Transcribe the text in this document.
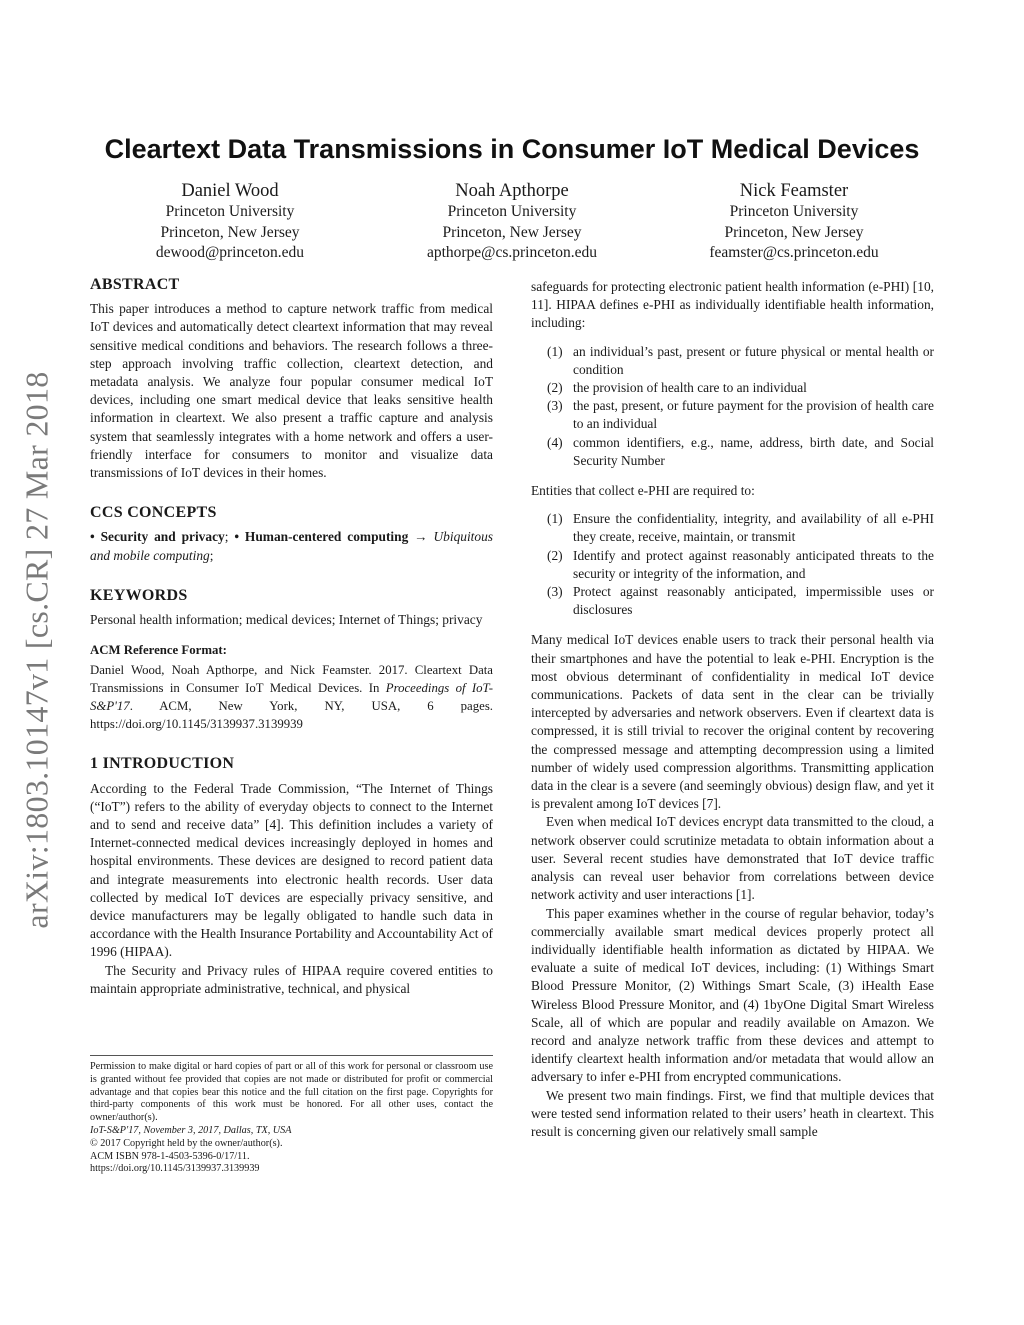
arXiv:1803.10147v1 [cs.CR] 27 Mar 2018
Cleartext Data Transmissions in Consumer IoT Medical Devices
Daniel Wood
Princeton University
Princeton, New Jersey
dewood@princeton.edu
Noah Apthorpe
Princeton University
Princeton, New Jersey
apthorpe@cs.princeton.edu
Nick Feamster
Princeton University
Princeton, New Jersey
feamster@cs.princeton.edu
ABSTRACT

This paper introduces a method to capture network traffic from medical IoT devices and automatically detect cleartext information that may reveal sensitive medical conditions and behaviors. The research follows a three-step approach involving traffic collection, cleartext detection, and metadata analysis. We analyze four popular consumer medical IoT devices, including one smart medical device that leaks sensitive health information in cleartext. We also present a traffic capture and analysis system that seamlessly integrates with a home network and offers a user-friendly interface for consumers to monitor and visualize data transmissions of IoT devices in their homes.

CCS CONCEPTS

• Security and privacy; • Human-centered computing → Ubiquitous and mobile computing;

KEYWORDS

Personal health information; medical devices; Internet of Things; privacy

ACM Reference Format:
Daniel Wood, Noah Apthorpe, and Nick Feamster. 2017. Cleartext Data Transmissions in Consumer IoT Medical Devices. In Proceedings of IoT-S&P'17. ACM, New York, NY, USA, 6 pages. https://doi.org/10.1145/3139937.3139939
1 INTRODUCTION

According to the Federal Trade Commission, “The Internet of Things (“IoT”) refers to the ability of everyday objects to connect to the Internet and to send and receive data” [4]. This definition includes a variety of Internet-connected medical devices increasingly deployed in homes and hospital environments. These devices are designed to record patient data and integrate measurements into electronic health records. User data collected by medical IoT devices are especially privacy sensitive, and device manufacturers may be legally obligated to handle such data in accordance with the Health Insurance Portability and Accountability Act of 1996 (HIPAA).

The Security and Privacy rules of HIPAA require covered entities to maintain appropriate administrative, technical, and physical

Permission to make digital or hard copies of part or all of this work for personal or classroom use is granted without fee provided that copies are not made or distributed for profit or commercial advantage and that copies bear this notice and the full citation on the first page. Copyrights for third-party components of this work must be honored. For all other uses, contact the owner/author(s).

IoT-S&P'17, November 3, 2017, Dallas, TX, USA

© 2017 Copyright held by the owner/author(s).

ACM ISBN 978-1-4503-5396-0/17/11.

https://doi.org/10.1145/3139937.3139939

safeguards for protecting electronic patient health information (e-PHI) [10, 11]. HIPAA defines e-PHI as individually identifiable health information, including:

(1) an individual’s past, present or future physical or mental health or condition
(2) the provision of health care to an individual
(3) the past, present, or future payment for the provision of health care to an individual
(4) common identifiers, e.g., name, address, birth date, and Social Security Number

Entities that collect e-PHI are required to:

(1) Ensure the confidentiality, integrity, and availability of all e-PHI they create, receive, maintain, or transmit
(2) Identify and protect against reasonably anticipated threats to the security or integrity of the information, and
(3) Protect against reasonably anticipated, impermissible uses or disclosures

Many medical IoT devices enable users to track their personal health via their smartphones and have the potential to leak e-PHI. Encryption is the most obvious determinant of confidentiality in medical IoT device communications. Packets of data sent in the clear can be trivially intercepted by adversaries and network observers. Even if cleartext data is compressed, it is still trivial to recover the original content by recovering the compressed message and attempting decompression using a limited number of widely used compression algorithms. Transmitting application data in the clear is a severe (and seemingly obvious) design flaw, and yet it is prevalent among IoT devices [7].

Even when medical IoT devices encrypt data transmitted to the cloud, a network observer could scrutinize metadata to obtain information about a user. Several recent studies have demonstrated that IoT device traffic analysis can reveal user behavior from correlations between device network activity and user interactions [1].

This paper examines whether in the course of regular behavior, today’s commercially available smart medical devices properly protect all individually identifiable health information as dictated by HIPAA. We evaluate a suite of medical IoT devices, including: (1) Withings Smart Blood Pressure Monitor, (2) Withings Smart Scale, (3) iHealth Ease Wireless Blood Pressure Monitor, and (4) 1byOne Digital Smart Wireless Scale, all of which are popular and readily available on Amazon. We record and analyze network traffic from these devices and attempt to identify cleartext health information and/or metadata that would allow an adversary to infer e-PHI from encrypted communications.

We present two main findings. First, we find that multiple devices that were tested send information related to their users’ heath in cleartext. This result is concerning given our relatively small sample
